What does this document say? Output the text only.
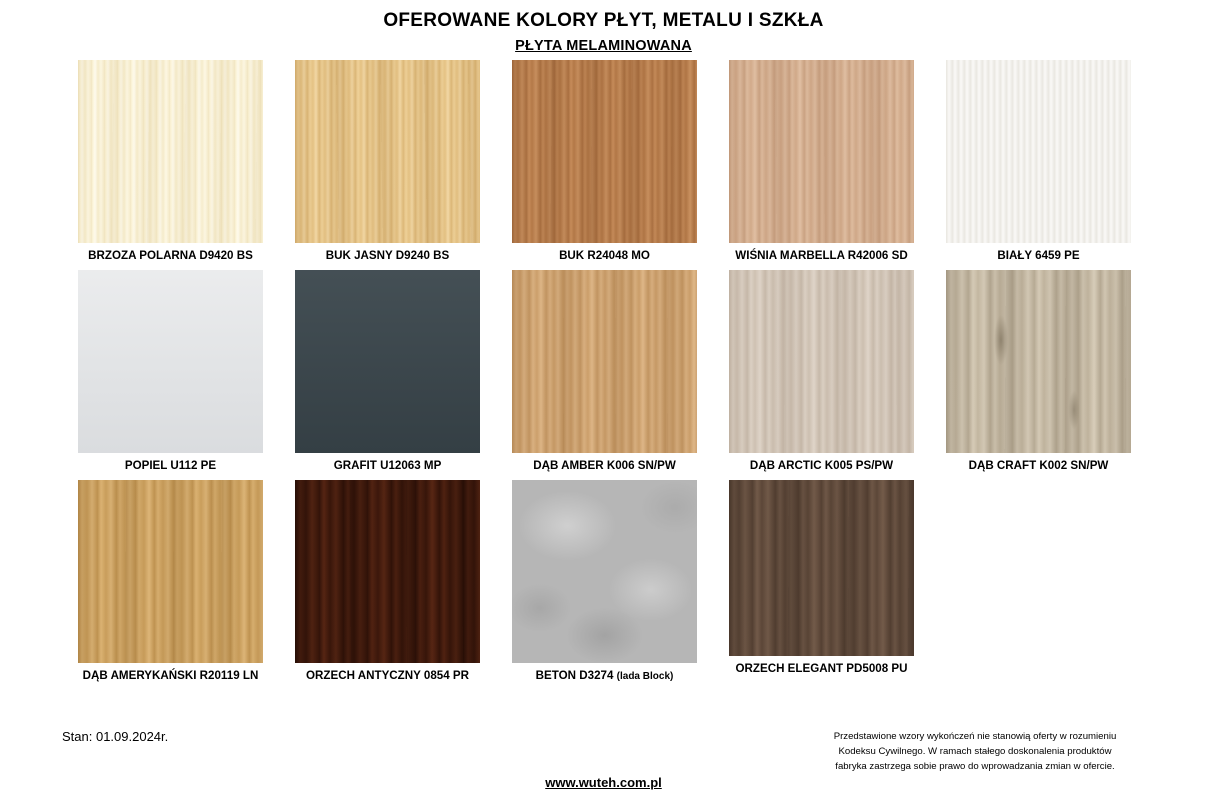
OFEROWANE KOLORY PŁYT, METALU I SZKŁA
PŁYTA MELAMINOWANA
BRZOZA POLARNA D9420 BS	BUK JASNY D9240 BS	BUK R24048 MO	WIŚNIA MARBELLA R42006 SD	BIAŁY 6459 PE
POPIEL U112 PE	GRAFIT U12063 MP	DĄB AMBER K006 SN/PW	DĄB ARCTIC K005 PS/PW	DĄB CRAFT K002 SN/PW
DĄB AMERYKAŃSKI R20119 LN	ORZECH ANTYCZNY 0854 PR	BETON D3274 (lada Block)
ORZECH ELEGANT PD5008 PU
Stan: 01.09.2024r.	Przedstawione wzory wykończeń nie stanowią oferty w rozumieniu
Kodeksu Cywilnego. W ramach stałego doskonalenia produktów
fabryka zastrzega sobie prawo do wprowadzania zmian w ofercie.
www.wuteh.com.pl
